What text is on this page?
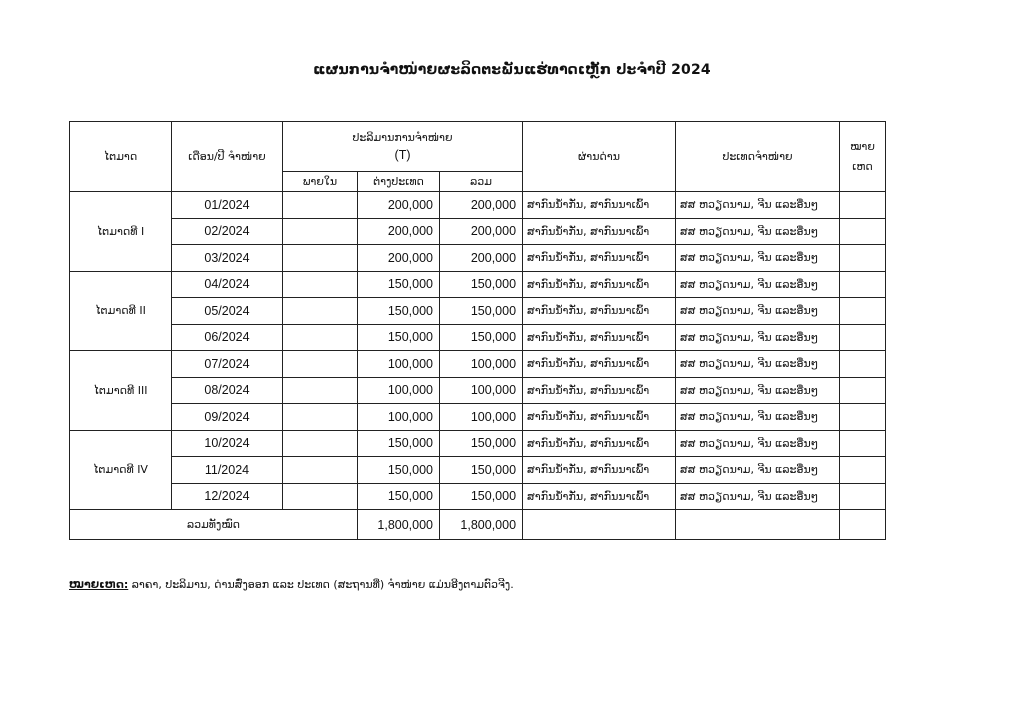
ແຜນການຈຳໜ່າຍຜະລິດຕະພັນແຮ່ທາດເຫຼັກ ປະຈຳປີ 2024
ໄຕມາດ	ເດືອນ/ປີ ຈຳໜ່າຍ	ປະລິມານການຈຳໜ່າຍ
(T)			ຜ່ານດ່ານ	ປະເທດຈຳໜ່າຍ	ໝາຍ ເຫດ
		ພາຍໃນ	ຕ່າງປະເທດ	ລວມ			
ໄຕມາດທີ I	01/2024		200,000	200,000	ສາກົນນ້ຳກັ່ນ, ສາກົນນາເພົ້າ	ສສ ຫວຽດນາມ, ຈີນ ແລະອື່ນໆ	
	02/2024		200,000	200,000	ສາກົນນ້ຳກັ່ນ, ສາກົນນາເພົ້າ	ສສ ຫວຽດນາມ, ຈີນ ແລະອື່ນໆ	
	03/2024		200,000	200,000	ສາກົນນ້ຳກັ່ນ, ສາກົນນາເພົ້າ	ສສ ຫວຽດນາມ, ຈີນ ແລະອື່ນໆ	
ໄຕມາດທີ II	04/2024		150,000	150,000	ສາກົນນ້ຳກັ່ນ, ສາກົນນາເພົ້າ	ສສ ຫວຽດນາມ, ຈີນ ແລະອື່ນໆ	
	05/2024		150,000	150,000	ສາກົນນ້ຳກັ່ນ, ສາກົນນາເພົ້າ	ສສ ຫວຽດນາມ, ຈີນ ແລະອື່ນໆ	
	06/2024		150,000	150,000	ສາກົນນ້ຳກັ່ນ, ສາກົນນາເພົ້າ	ສສ ຫວຽດນາມ, ຈີນ ແລະອື່ນໆ	
ໄຕມາດທີ III	07/2024		100,000	100,000	ສາກົນນ້ຳກັ່ນ, ສາກົນນາເພົ້າ	ສສ ຫວຽດນາມ, ຈີນ ແລະອື່ນໆ	
	08/2024		100,000	100,000	ສາກົນນ້ຳກັ່ນ, ສາກົນນາເພົ້າ	ສສ ຫວຽດນາມ, ຈີນ ແລະອື່ນໆ	
	09/2024		100,000	100,000	ສາກົນນ້ຳກັ່ນ, ສາກົນນາເພົ້າ	ສສ ຫວຽດນາມ, ຈີນ ແລະອື່ນໆ	
ໄຕມາດທີ IV	10/2024		150,000	150,000	ສາກົນນ້ຳກັ່ນ, ສາກົນນາເພົ້າ	ສສ ຫວຽດນາມ, ຈີນ ແລະອື່ນໆ	
	11/2024		150,000	150,000	ສາກົນນ້ຳກັ່ນ, ສາກົນນາເພົ້າ	ສສ ຫວຽດນາມ, ຈີນ ແລະອື່ນໆ	
	12/2024		150,000	150,000	ສາກົນນ້ຳກັ່ນ, ສາກົນນາເພົ້າ	ສສ ຫວຽດນາມ, ຈີນ ແລະອື່ນໆ	
ລວມທັງໝົດ			1,800,000	1,800,000			
ໝາຍເຫດ: ລາຄາ, ປະລິມານ, ດ່ານສົ່ງອອກ ແລະ ປະເທດ (ສະຖານທີ່) ຈຳໜ່າຍ ແມ່ນອີງຕາມຕົວຈີງ.
